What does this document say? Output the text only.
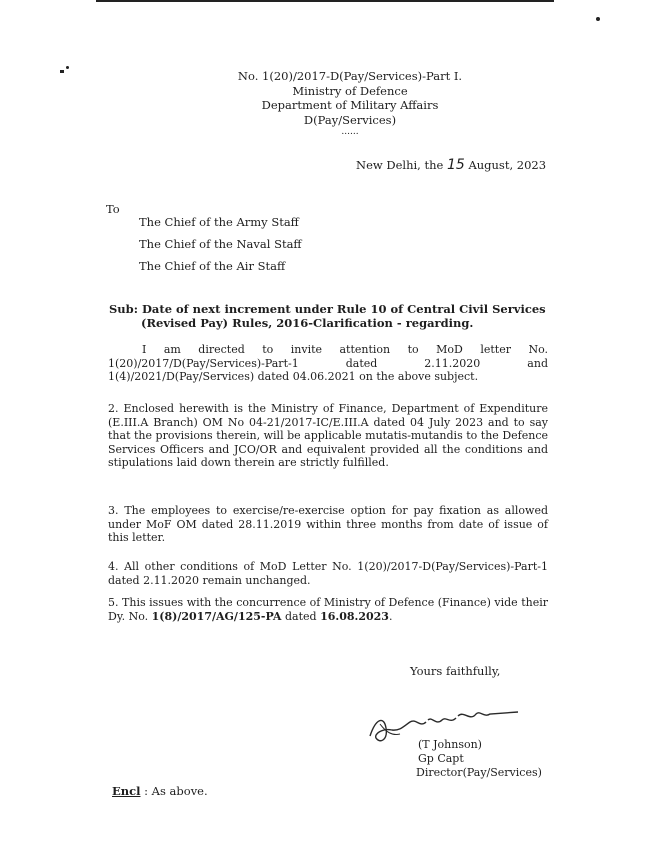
No. 1(20)/2017-D(Pay/Services)-Part I.
Ministry of Defence
Department of Military Affairs
D(Pay/Services)
......
New Delhi, the 15 August, 2023
To
The Chief of the Army Staff
The Chief of the Naval Staff
The Chief of the Air Staff
Sub: Date of next increment under Rule 10 of Central Civil Services
(Revised Pay) Rules, 2016-Clarification - regarding.
I am directed to invite attention to MoD letter No. 1(20)/2017/D(Pay/Services)-Part-1 dated 2.11.2020 and 1(4)/2021/D(Pay/Services) dated 04.06.2021 on the above subject.
2. Enclosed herewith is the Ministry of Finance, Department of Expenditure (E.III.A Branch) OM No 04-21/2017-IC/E.III.A dated 04 July 2023 and to say that the provisions therein, will be applicable mutatis-mutandis to the Defence Services Officers and JCO/OR and equivalent provided all the conditions and stipulations laid down therein are strictly fulfilled.
3. The employees to exercise/re-exercise option for pay fixation as allowed under MoF OM dated 28.11.2019 within three months from date of issue of this letter.
4. All other conditions of MoD Letter No. 1(20)/2017-D(Pay/Services)-Part-1 dated 2.11.2020 remain unchanged.
5. This issues with the concurrence of Ministry of Defence (Finance) vide their Dy. No. 1(8)/2017/AG/125-PA dated 16.08.2023.
Yours faithfully,
(T Johnson)
Gp Capt
Director(Pay/Services)
Encl : As above.
